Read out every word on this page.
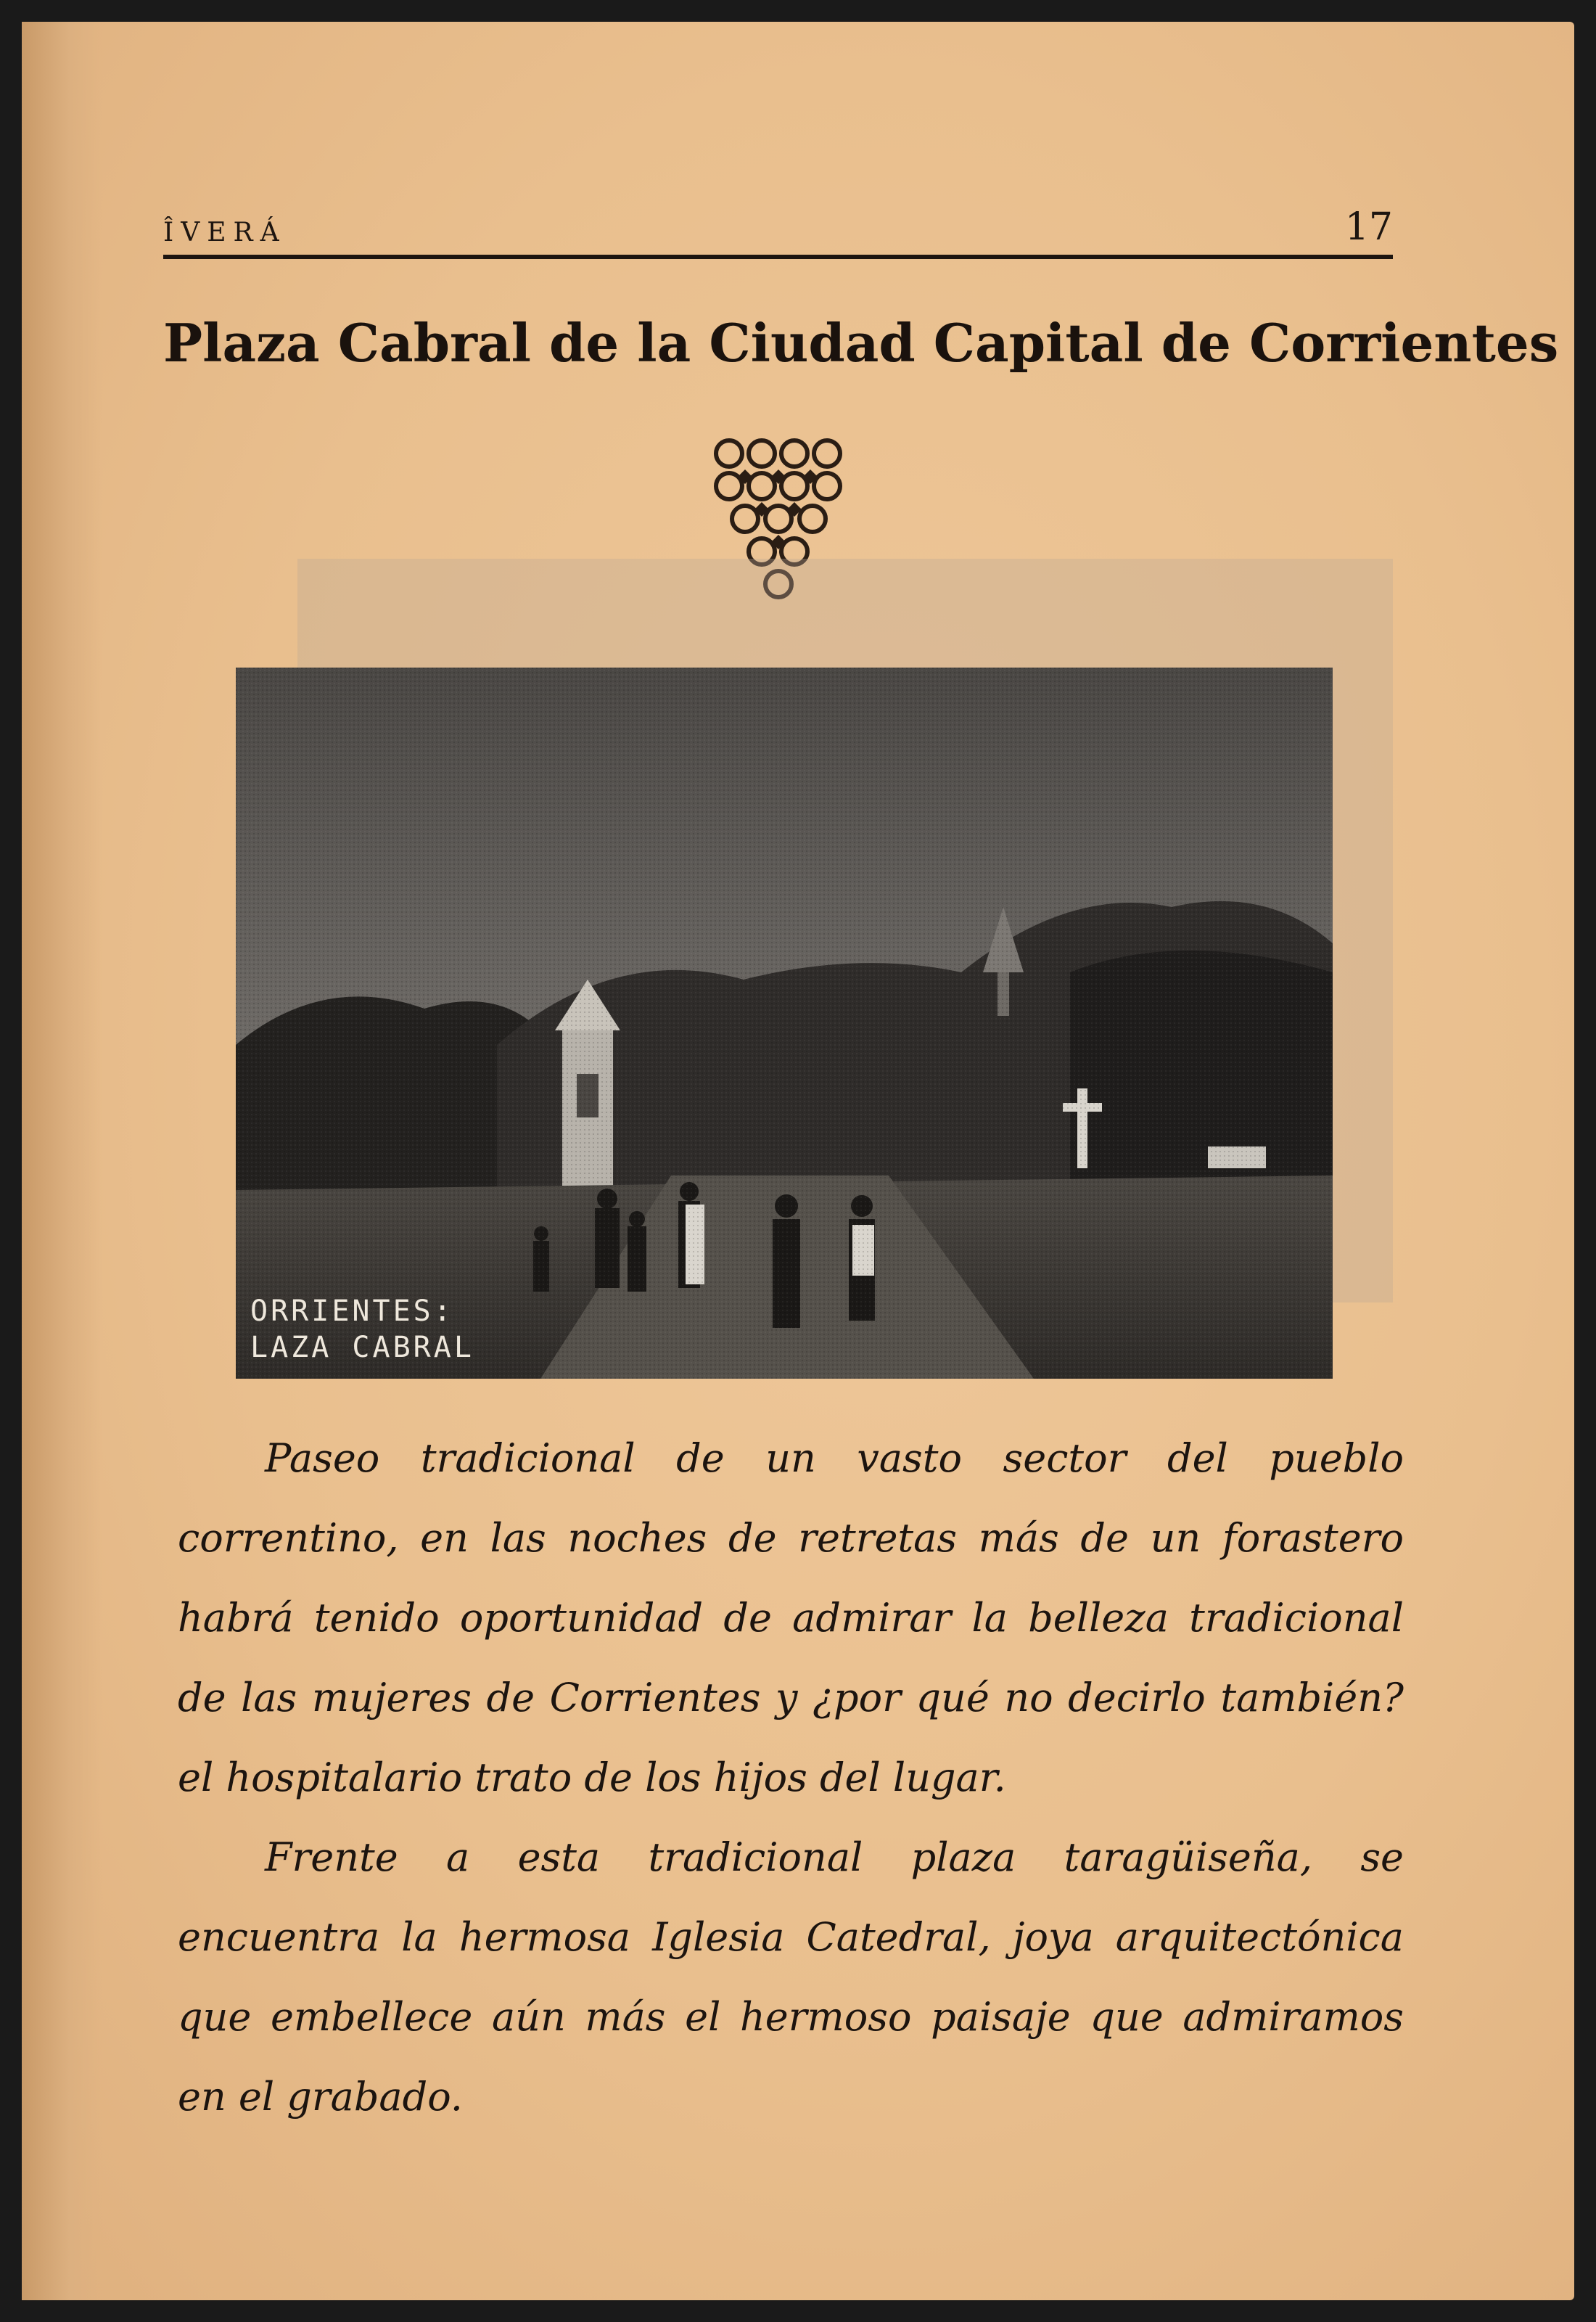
ÎVERÁ	17
Plaza Cabral de la Ciudad Capital de Corrientes

ORRIENTES:
LAZA CABRAL

Paseo tradicional de un vasto sector del pueblo correntino, en las noches de retretas más de un forastero habrá tenido oportunidad de admirar la belleza tradicional de las mujeres de Corrientes y ¿por qué no decirlo también? el hospitalario trato de los hijos del lugar.

Frente a esta tradicional plaza taragüiseña, se encuentra la hermosa Iglesia Catedral, joya arquitectónica que embellece aún más el hermoso paisaje que admiramos en el grabado.
